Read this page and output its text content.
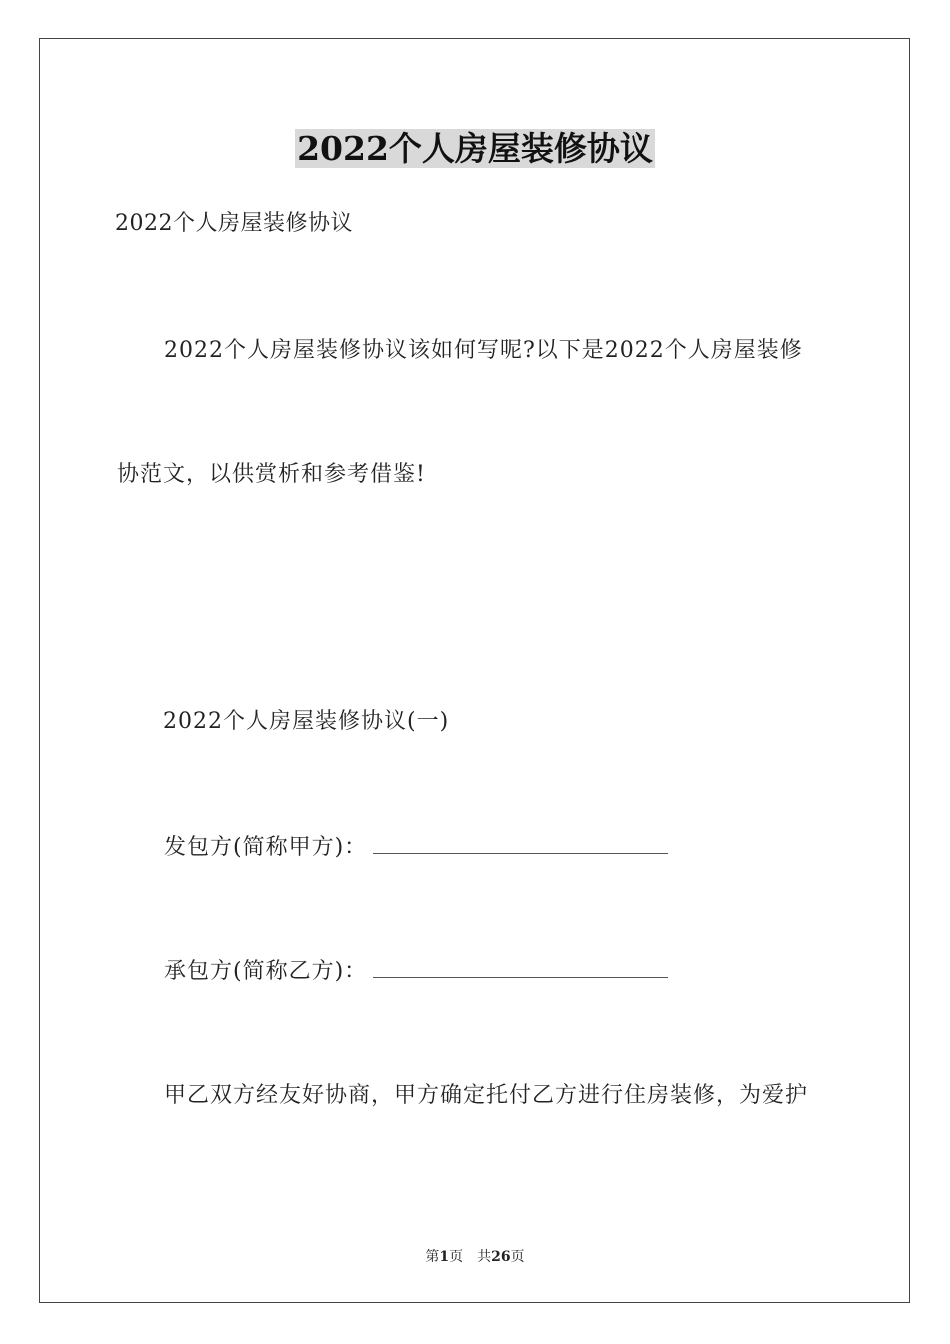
2022个人房屋装修协议
2022个人房屋装修协议
2022个人房屋装修协议该如何写呢?以下是2022个人房屋装修
协范文，以供赏析和参考借鉴!
2022个人房屋装修协议(一)
发包方(简称甲方)：
承包方(简称乙方)：
甲乙双方经友好协商，甲方确定托付乙方进行住房装修，为爱护
第1页　共26页
